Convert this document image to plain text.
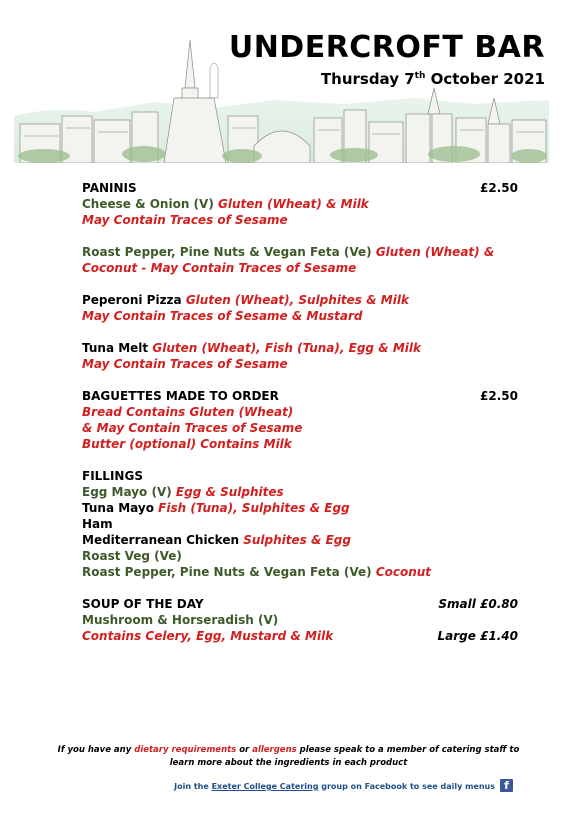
UNDERCROFT BAR
Thursday 7th October 2021
PANINIS	£2.50
Cheese & Onion (V) Gluten (Wheat) & Milk
May Contain Traces of Sesame
Roast Pepper, Pine Nuts & Vegan Feta (Ve) Gluten (Wheat) &
Coconut - May Contain Traces of Sesame
Peperoni Pizza Gluten (Wheat), Sulphites & Milk
May Contain Traces of Sesame & Mustard
Tuna Melt Gluten (Wheat), Fish (Tuna), Egg & Milk
May Contain Traces of Sesame
BAGUETTES MADE TO ORDER	£2.50
Bread Contains Gluten (Wheat)
& May Contain Traces of Sesame
Butter (optional) Contains Milk
FILLINGS
Egg Mayo (V) Egg & Sulphites
Tuna Mayo Fish (Tuna), Sulphites & Egg
Ham
Mediterranean Chicken Sulphites & Egg
Roast Veg (Ve)
Roast Pepper, Pine Nuts & Vegan Feta (Ve) Coconut
SOUP OF THE DAY	Small £0.80
Mushroom & Horseradish (V)
Contains Celery, Egg, Mustard & Milk	Large £1.40
If you have any dietary requirements or allergens please speak to a member of catering staff to
learn more about the ingredients in each product
Join the Exeter College Catering group on Facebook to see daily menus f
